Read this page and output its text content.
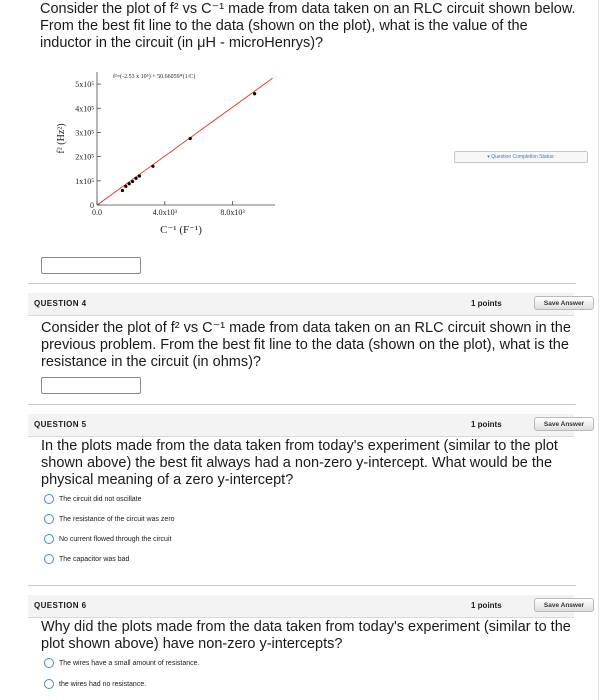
Consider the plot of f² vs C⁻¹ made from data taken on an RLC circuit shown below. From the best fit line to the data (shown on the plot), what is the value of the inductor in the circuit (in μH - microHenrys)?
0
1x10⁵
2x10⁵
3x10⁵
4x10⁵
5x10⁵
0.0	4.0x10³	8.0x10³
C⁻¹ (F⁻¹)
f² (Hz²)
f²=(-2.53 x 10⁵) + 50.66059*(1/C)
▾ Question Completion Status:
QUESTION 4	1 points	Save Answer
Consider the plot of f² vs C⁻¹ made from data taken on an RLC circuit shown in the previous problem. From the best fit line to the data (shown on the plot), what is the resistance in the circuit (in ohms)?
QUESTION 5	1 points	Save Answer
In the plots made from the data taken from today's experiment (similar to the plot shown above) the best fit always had a non-zero y-intercept. What would be the physical meaning of a zero y-intercept?
The circuit did not oscillate
The resistance of the circuit was zero
No current flowed through the circuit
The capacitor was bad
QUESTION 6	1 points	Save Answer
Why did the plots made from the data taken from today's experiment (similar to the plot shown above) have non-zero y-intercepts?
The wires have a small amount of resistance.
the wires had no resistance.
